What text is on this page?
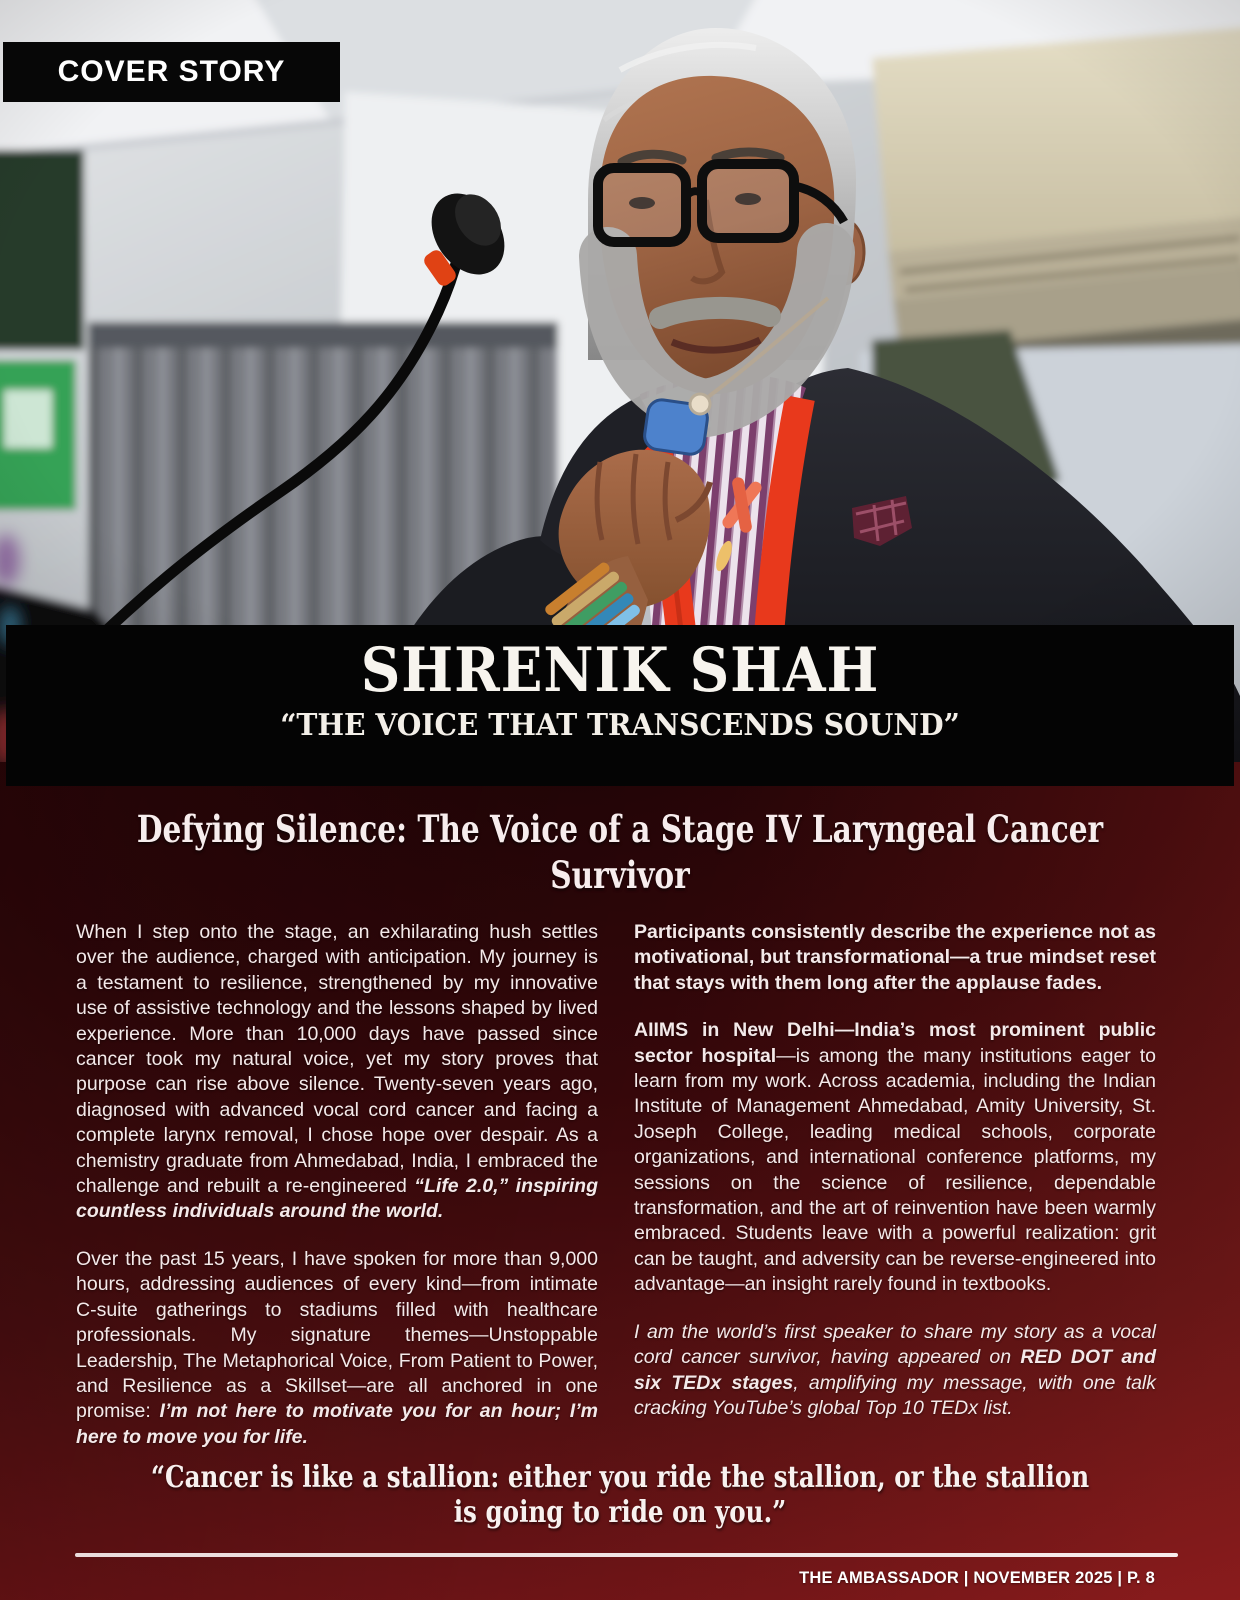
COVER STORY
SHRENIK SHAH
“THE VOICE THAT TRANSCENDS SOUND”
Defying Silence: The Voice of a Stage IV Laryngeal Cancer Survivor

When I step onto the stage, an exhilarating hush settles over the audience, charged with anticipation. My journey is a testament to resilience, strengthened by my innovative use of assistive technology and the lessons shaped by lived experience. More than 10,000 days have passed since cancer took my natural voice, yet my story proves that purpose can rise above silence. Twenty-seven years ago, diagnosed with advanced vocal cord cancer and facing a complete larynx removal, I chose hope over despair. As a chemistry graduate from Ahmedabad, India, I embraced the challenge and rebuilt a re-engineered “Life 2.0,” inspiring countless individuals around the world.

Over the past 15 years, I have spoken for more than 9,000 hours, addressing audiences of every kind—from intimate C-suite gatherings to stadiums filled with healthcare professionals. My signature themes—Unstoppable Leadership, The Metaphorical Voice, From Patient to Power, and Resilience as a Skillset—are all anchored in one promise: I’m not here to motivate you for an hour; I’m here to move you for life.

Participants consistently describe the experience not as motivational, but transformational—a true mindset reset that stays with them long after the applause fades.

AIIMS in New Delhi—India’s most prominent public sector hospital—is among the many institutions eager to learn from my work. Across academia, including the Indian Institute of Management Ahmedabad, Amity University, St. Joseph College, leading medical schools, corporate organizations, and international conference platforms, my sessions on the science of resilience, dependable transformation, and the art of reinvention have been warmly embraced. Students leave with a powerful realization: grit can be taught, and adversity can be reverse-engineered into advantage—an insight rarely found in textbooks.

I am the world’s first speaker to share my story as a vocal cord cancer survivor, having appeared on RED DOT and six TEDx stages, amplifying my message, with one talk cracking YouTube’s global Top 10 TEDx list.

“Cancer is like a stallion: either you ride the stallion, or the stallion is going to ride on you.”
THE AMBASSADOR | NOVEMBER 2025 | P. 8
